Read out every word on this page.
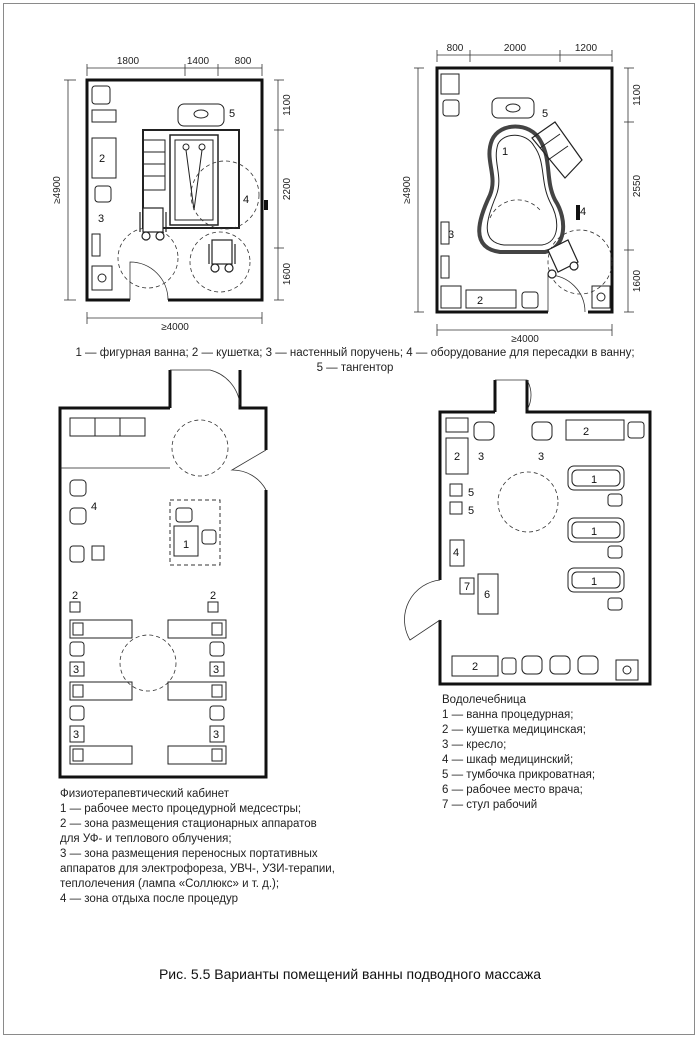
1800	1400	800
≥4900
1100
2200
1600
≥4000
5
2
3
4
800	2000	1200
≥4900
1100
2550
1600
≥4000
5
1
4
3
2
4
1
2	2
3	3
3	3
2
3	3
2
1
1
1
5
5
4
7
6
2
1 — фигурная ванна; 2 — кушетка; 3 — настенный поручень; 4 — оборудование для пересадки в ванну;
5 — тангентор
Физиотерапевтический кабинет
1 — рабочее место процедурной медсестры;
2 — зона размещения стационарных аппаратов
для УФ- и теплового облучения;
3 — зона размещения переносных портативных
аппаратов для электрофореза, УВЧ-, УЗИ-терапии,
теплолечения (лампа «Соллюкс» и т. д.);
4 — зона отдыха после процедур
Водолечебница
1 — ванна процедурная;
2 — кушетка медицинская;
3 — кресло;
4 — шкаф медицинский;
5 — тумбочка прикроватная;
6 — рабочее место врача;
7 — стул рабочий
Рис. 5.5 Варианты помещений ванны подводного массажа
